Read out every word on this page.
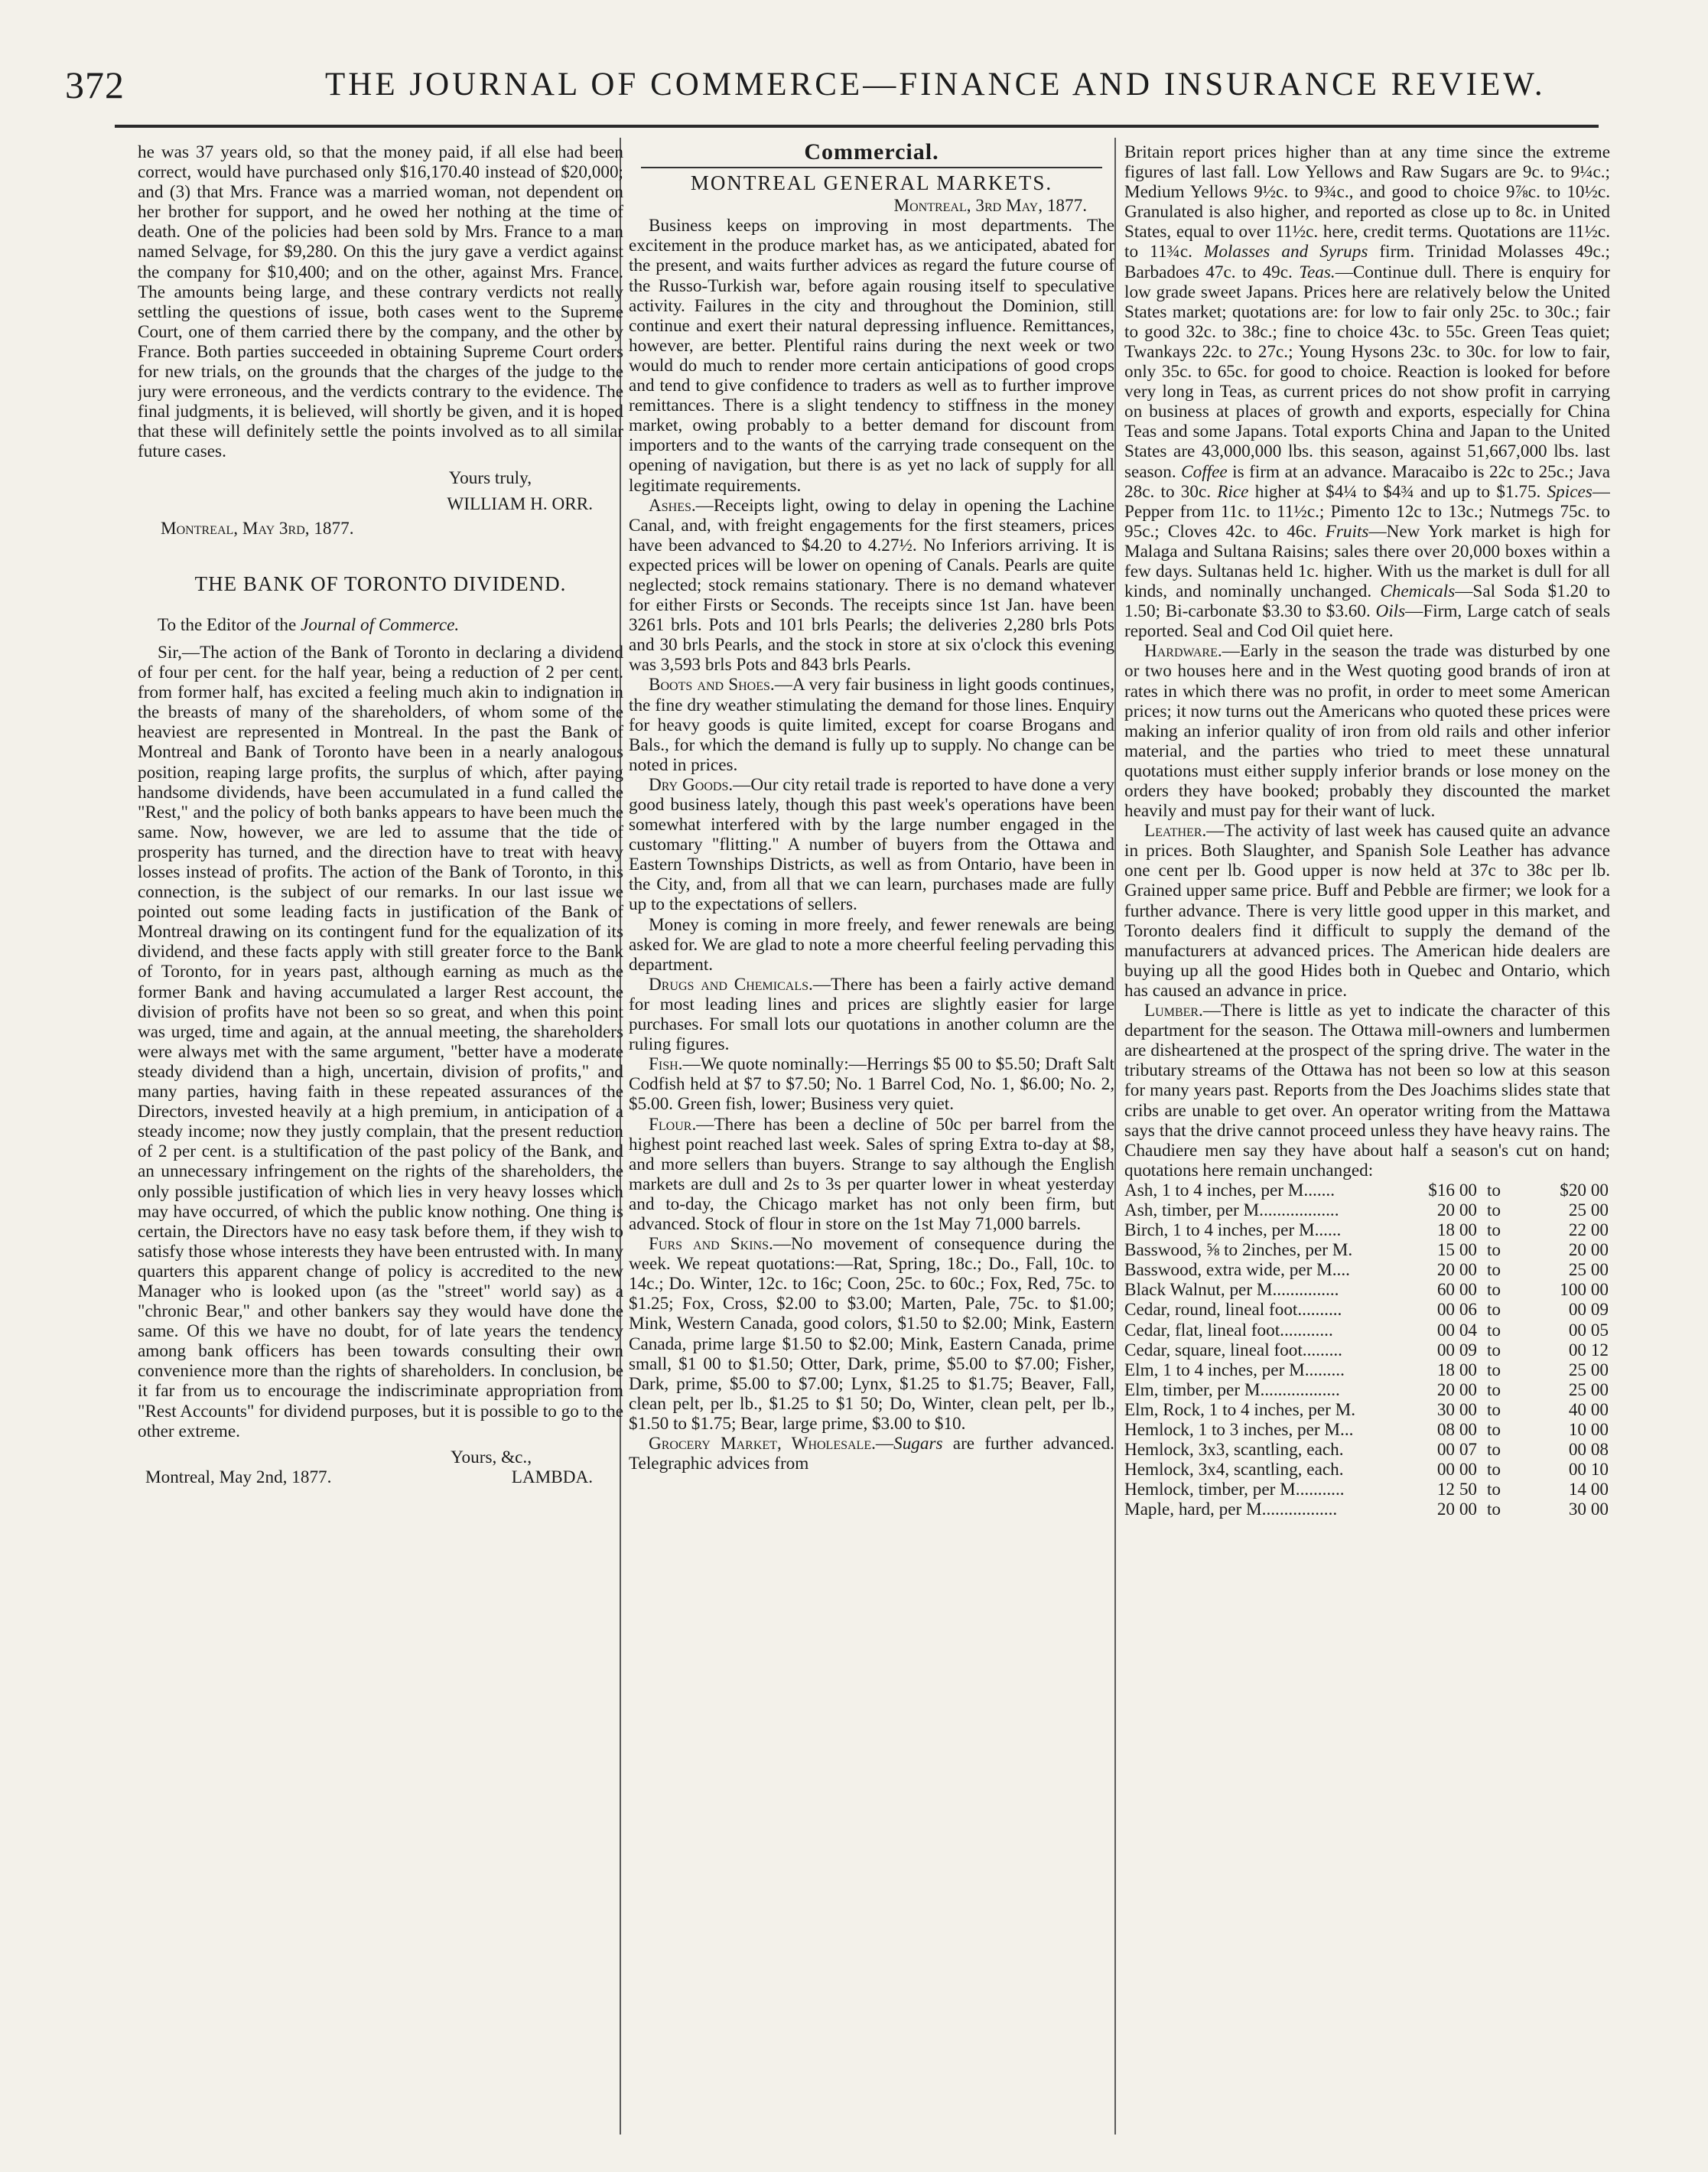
372	THE JOURNAL OF COMMERCE—FINANCE AND INSURANCE REVIEW.

he was 37 years old, so that the money paid, if all else had been correct, would have purchased only $16,170.40 instead of $20,000; and (3) that Mrs. France was a married woman, not dependent on her brother for support, and he owed her nothing at the time of death. One of the policies had been sold by Mrs. France to a man named Selvage, for $9,280. On this the jury gave a verdict against the company for $10,400; and on the other, against Mrs. France. The amounts being large, and these contrary verdicts not really settling the questions of issue, both cases went to the Supreme Court, one of them carried there by the company, and the other by France. Both parties succeeded in obtaining Supreme Court orders for new trials, on the grounds that the charges of the judge to the jury were erroneous, and the verdicts contrary to the evidence. The final judgments, it is believed, will shortly be given, and it is hoped that these will definitely settle the points involved as to all similar future cases.

Yours truly,

WILLIAM H. ORR.

Montreal, May 3rd, 1877.

THE BANK OF TORONTO DIVIDEND.

To the Editor of the Journal of Commerce.

Sir,—The action of the Bank of Toronto in declaring a dividend of four per cent. for the half year, being a reduction of 2 per cent. from former half, has excited a feeling much akin to indignation in the breasts of many of the shareholders, of whom some of the heaviest are represented in Montreal. In the past the Bank of Montreal and Bank of Toronto have been in a nearly analogous position, reaping large profits, the surplus of which, after paying handsome dividends, have been accumulated in a fund called the "Rest," and the policy of both banks appears to have been much the same. Now, however, we are led to assume that the tide of prosperity has turned, and the direction have to treat with heavy losses instead of profits. The action of the Bank of Toronto, in this connection, is the subject of our remarks. In our last issue we pointed out some leading facts in justification of the Bank of Montreal drawing on its contingent fund for the equalization of its dividend, and these facts apply with still greater force to the Bank of Toronto, for in years past, although earning as much as the former Bank and having accumulated a larger Rest account, the division of profits have not been so so great, and when this point was urged, time and again, at the annual meeting, the shareholders were always met with the same argument, "better have a moderate steady dividend than a high, uncertain, division of profits," and many parties, having faith in these repeated assurances of the Directors, invested heavily at a high premium, in anticipation of a steady income; now they justly complain, that the present reduction of 2 per cent. is a stultification of the past policy of the Bank, and an unnecessary infringement on the rights of the shareholders, the only possible justification of which lies in very heavy losses which may have occurred, of which the public know nothing. One thing is certain, the Directors have no easy task before them, if they wish to satisfy those whose interests they have been entrusted with. In many quarters this apparent change of policy is accredited to the new Manager who is looked upon (as the "street" world say) as a "chronic Bear," and other bankers say they would have done the same. Of this we have no doubt, for of late years the tendency among bank officers has been towards consulting their own convenience more than the rights of shareholders. In conclusion, be it far from us to encourage the indiscriminate appropriation from "Rest Accounts" for dividend purposes, but it is possible to go to the other extreme.

Yours, &c.,

Montreal, May 2nd, 1877.	LAMBDA.
Commercial.
MONTREAL GENERAL MARKETS.
Montreal, 3rd May, 1877.

Business keeps on improving in most departments. The excitement in the produce market has, as we anticipated, abated for the present, and waits further advices as regard the future course of the Russo-Turkish war, before again rousing itself to speculative activity. Failures in the city and throughout the Dominion, still continue and exert their natural depressing influence. Remittances, however, are better. Plentiful rains during the next week or two would do much to render more certain anticipations of good crops and tend to give confidence to traders as well as to further improve remittances. There is a slight tendency to stiffness in the money market, owing probably to a better demand for discount from importers and to the wants of the carrying trade consequent on the opening of navigation, but there is as yet no lack of supply for all legitimate requirements.

Ashes.—Receipts light, owing to delay in opening the Lachine Canal, and, with freight engagements for the first steamers, prices have been advanced to $4.20 to 4.27½. No Inferiors arriving. It is expected prices will be lower on opening of Canals. Pearls are quite neglected; stock remains stationary. There is no demand whatever for either Firsts or Seconds. The receipts since 1st Jan. have been 3261 brls. Pots and 101 brls Pearls; the deliveries 2,280 brls Pots and 30 brls Pearls, and the stock in store at six o'clock this evening was 3,593 brls Pots and 843 brls Pearls.

Boots and Shoes.—A very fair business in light goods continues, the fine dry weather stimulating the demand for those lines. Enquiry for heavy goods is quite limited, except for coarse Brogans and Bals., for which the demand is fully up to supply. No change can be noted in prices.

Dry Goods.—Our city retail trade is reported to have done a very good business lately, though this past week's operations have been somewhat interfered with by the large number engaged in the customary "flitting." A number of buyers from the Ottawa and Eastern Townships Districts, as well as from Ontario, have been in the City, and, from all that we can learn, purchases made are fully up to the expectations of sellers.

Money is coming in more freely, and fewer renewals are being asked for. We are glad to note a more cheerful feeling pervading this department.

Drugs and Chemicals.—There has been a fairly active demand for most leading lines and prices are slightly easier for large purchases. For small lots our quotations in another column are the ruling figures.

Fish.—We quote nominally:—Herrings $5 00 to $5.50; Draft Salt Codfish held at $7 to $7.50; No. 1 Barrel Cod, No. 1, $6.00; No. 2, $5.00. Green fish, lower; Business very quiet.

Flour.—There has been a decline of 50c per barrel from the highest point reached last week. Sales of spring Extra to-day at $8, and more sellers than buyers. Strange to say although the English markets are dull and 2s to 3s per quarter lower in wheat yesterday and to-day, the Chicago market has not only been firm, but advanced. Stock of flour in store on the 1st May 71,000 barrels.

Furs and Skins.—No movement of consequence during the week. We repeat quotations:—Rat, Spring, 18c.; Do., Fall, 10c. to 14c.; Do. Winter, 12c. to 16c; Coon, 25c. to 60c.; Fox, Red, 75c. to $1.25; Fox, Cross, $2.00 to $3.00; Marten, Pale, 75c. to $1.00; Mink, Western Canada, good colors, $1.50 to $2.00; Mink, Eastern Canada, prime large $1.50 to $2.00; Mink, Eastern Canada, prime small, $1 00 to $1.50; Otter, Dark, prime, $5.00 to $7.00; Fisher, Dark, prime, $5.00 to $7.00; Lynx, $1.25 to $1.75; Beaver, Fall, clean pelt, per lb., $1.25 to $1 50; Do, Winter, clean pelt, per lb., $1.50 to $1.75; Bear, large prime, $3.00 to $10.

Grocery Market, Wholesale.—Sugars are further advanced. Telegraphic advices from

Britain report prices higher than at any time since the extreme figures of last fall. Low Yellows and Raw Sugars are 9c. to 9¼c.; Medium Yellows 9½c. to 9¾c., and good to choice 9⅞c. to 10½c. Granulated is also higher, and reported as close up to 8c. in United States, equal to over 11½c. here, credit terms. Quotations are 11½c. to 11¾c. Molasses and Syrups firm. Trinidad Molasses 49c.; Barbadoes 47c. to 49c. Teas.—Continue dull. There is enquiry for low grade sweet Japans. Prices here are relatively below the United States market; quotations are: for low to fair only 25c. to 30c.; fair to good 32c. to 38c.; fine to choice 43c. to 55c. Green Teas quiet; Twankays 22c. to 27c.; Young Hysons 23c. to 30c. for low to fair, only 35c. to 65c. for good to choice. Reaction is looked for before very long in Teas, as current prices do not show profit in carrying on business at places of growth and exports, especially for China Teas and some Japans. Total exports China and Japan to the United States are 43,000,000 lbs. this season, against 51,667,000 lbs. last season. Coffee is firm at an advance. Maracaibo is 22c to 25c.; Java 28c. to 30c. Rice higher at $4¼ to $4¾ and up to $1.75. Spices—Pepper from 11c. to 11½c.; Pimento 12c to 13c.; Nutmegs 75c. to 95c.; Cloves 42c. to 46c. Fruits—New York market is high for Malaga and Sultana Raisins; sales there over 20,000 boxes within a few days. Sultanas held 1c. higher. With us the market is dull for all kinds, and nominally unchanged. Chemicals—Sal Soda $1.20 to 1.50; Bi-carbonate $3.30 to $3.60. Oils—Firm, Large catch of seals reported. Seal and Cod Oil quiet here.

Hardware.—Early in the season the trade was disturbed by one or two houses here and in the West quoting good brands of iron at rates in which there was no profit, in order to meet some American prices; it now turns out the Americans who quoted these prices were making an inferior quality of iron from old rails and other inferior material, and the parties who tried to meet these unnatural quotations must either supply inferior brands or lose money on the orders they have booked; probably they discounted the market heavily and must pay for their want of luck.

Leather.—The activity of last week has caused quite an advance in prices. Both Slaughter, and Spanish Sole Leather has advance one cent per lb. Good upper is now held at 37c to 38c per lb. Grained upper same price. Buff and Pebble are firmer; we look for a further advance. There is very little good upper in this market, and Toronto dealers find it difficult to supply the demand of the manufacturers at advanced prices. The American hide dealers are buying up all the good Hides both in Quebec and Ontario, which has caused an advance in price.

Lumber.—There is little as yet to indicate the character of this department for the season. The Ottawa mill-owners and lumbermen are disheartened at the prospect of the spring drive. The water in the tributary streams of the Ottawa has not been so low at this season for many years past. Reports from the Des Joachims slides state that cribs are unable to get over. An operator writing from the Mattawa says that the drive cannot proceed unless they have heavy rains. The Chaudiere men say they have about half a season's cut on hand; quotations here remain unchanged:

Ash, 1 to 4 inches, per M.......	$16 00	to	$20 00
Ash, timber, per M..................	20 00	to	25 00
Birch, 1 to 4 inches, per M......	18 00	to	22 00
Basswood, ⅝ to 2inches, per M.	15 00	to	20 00
Basswood, extra wide, per M....	20 00	to	25 00
Black Walnut, per M...............	60 00	to	100 00
Cedar, round, lineal foot..........	00 06	to	00 09
Cedar, flat, lineal foot............	00 04	to	00 05
Cedar, square, lineal foot.........	00 09	to	00 12
Elm, 1 to 4 inches, per M.........	18 00	to	25 00
Elm, timber, per M..................	20 00	to	25 00
Elm, Rock, 1 to 4 inches, per M.	30 00	to	40 00
Hemlock, 1 to 3 inches, per M...	08 00	to	10 00
Hemlock, 3x3, scantling, each.	00 07	to	00 08
Hemlock, 3x4, scantling, each.	00 00	to	00 10
Hemlock, timber, per M...........	12 50	to	14 00
Maple, hard, per M.................	20 00	to	30 00
